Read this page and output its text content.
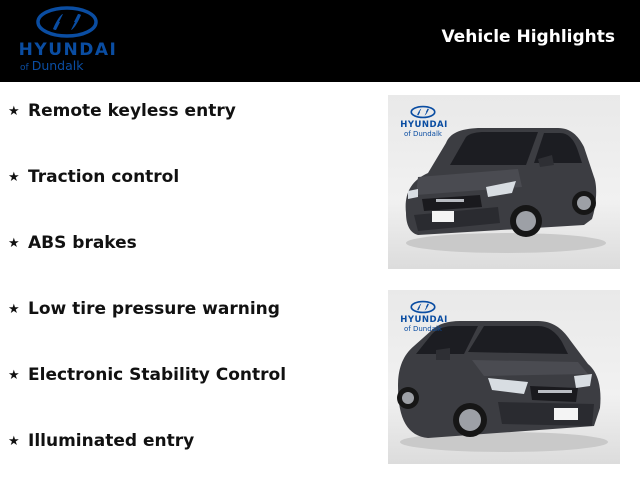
HYUNDAI
of Dundalk
Vehicle Highlights
★ Remote keyless entry
★ Traction control
★ ABS brakes
★ Low tire pressure warning
★ Electronic Stability Control
★ Illuminated entry
HYUNDAI
of Dundalk
HYUNDAI
of Dundalk
